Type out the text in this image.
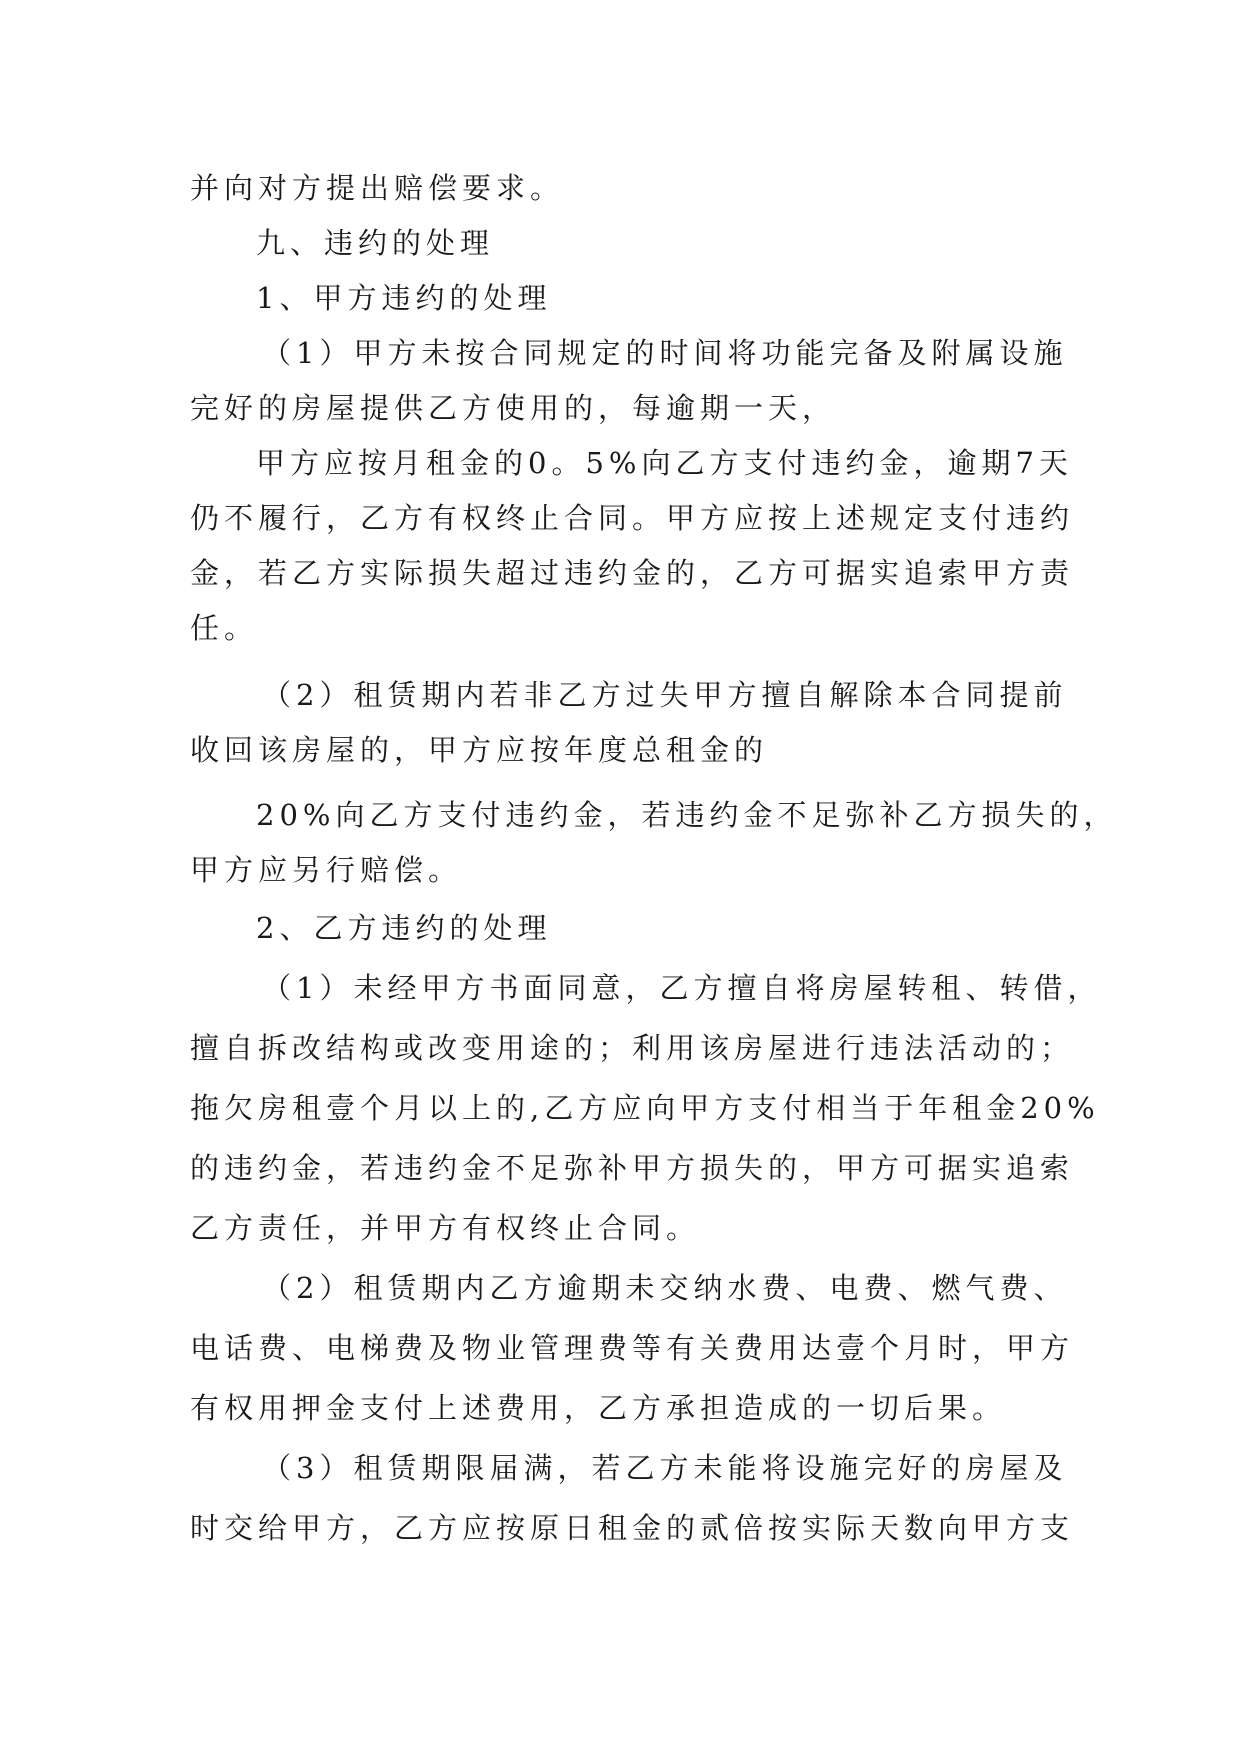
并向对方提出赔偿要求。
九、违约的处理
1、甲方违约的处理
（1）甲方未按合同规定的时间将功能完备及附属设施
完好的房屋提供乙方使用的，每逾期一天，
甲方应按月租金的0。5%向乙方支付违约金，逾期7天
仍不履行，乙方有权终止合同。甲方应按上述规定支付违约
金，若乙方实际损失超过违约金的，乙方可据实追索甲方责
任。
（2）租赁期内若非乙方过失甲方擅自解除本合同提前
收回该房屋的，甲方应按年度总租金的
20%向乙方支付违约金，若违约金不足弥补乙方损失的，
甲方应另行赔偿。
2、乙方违约的处理
（1）未经甲方书面同意，乙方擅自将房屋转租、转借，
擅自拆改结构或改变用途的；利用该房屋进行违法活动的；
拖欠房租壹个月以上的,乙方应向甲方支付相当于年租金20%
的违约金，若违约金不足弥补甲方损失的，甲方可据实追索
乙方责任，并甲方有权终止合同。
（2）租赁期内乙方逾期未交纳水费、电费、燃气费、
电话费、电梯费及物业管理费等有关费用达壹个月时，甲方
有权用押金支付上述费用，乙方承担造成的一切后果。
（3）租赁期限届满，若乙方未能将设施完好的房屋及
时交给甲方，乙方应按原日租金的贰倍按实际天数向甲方支
